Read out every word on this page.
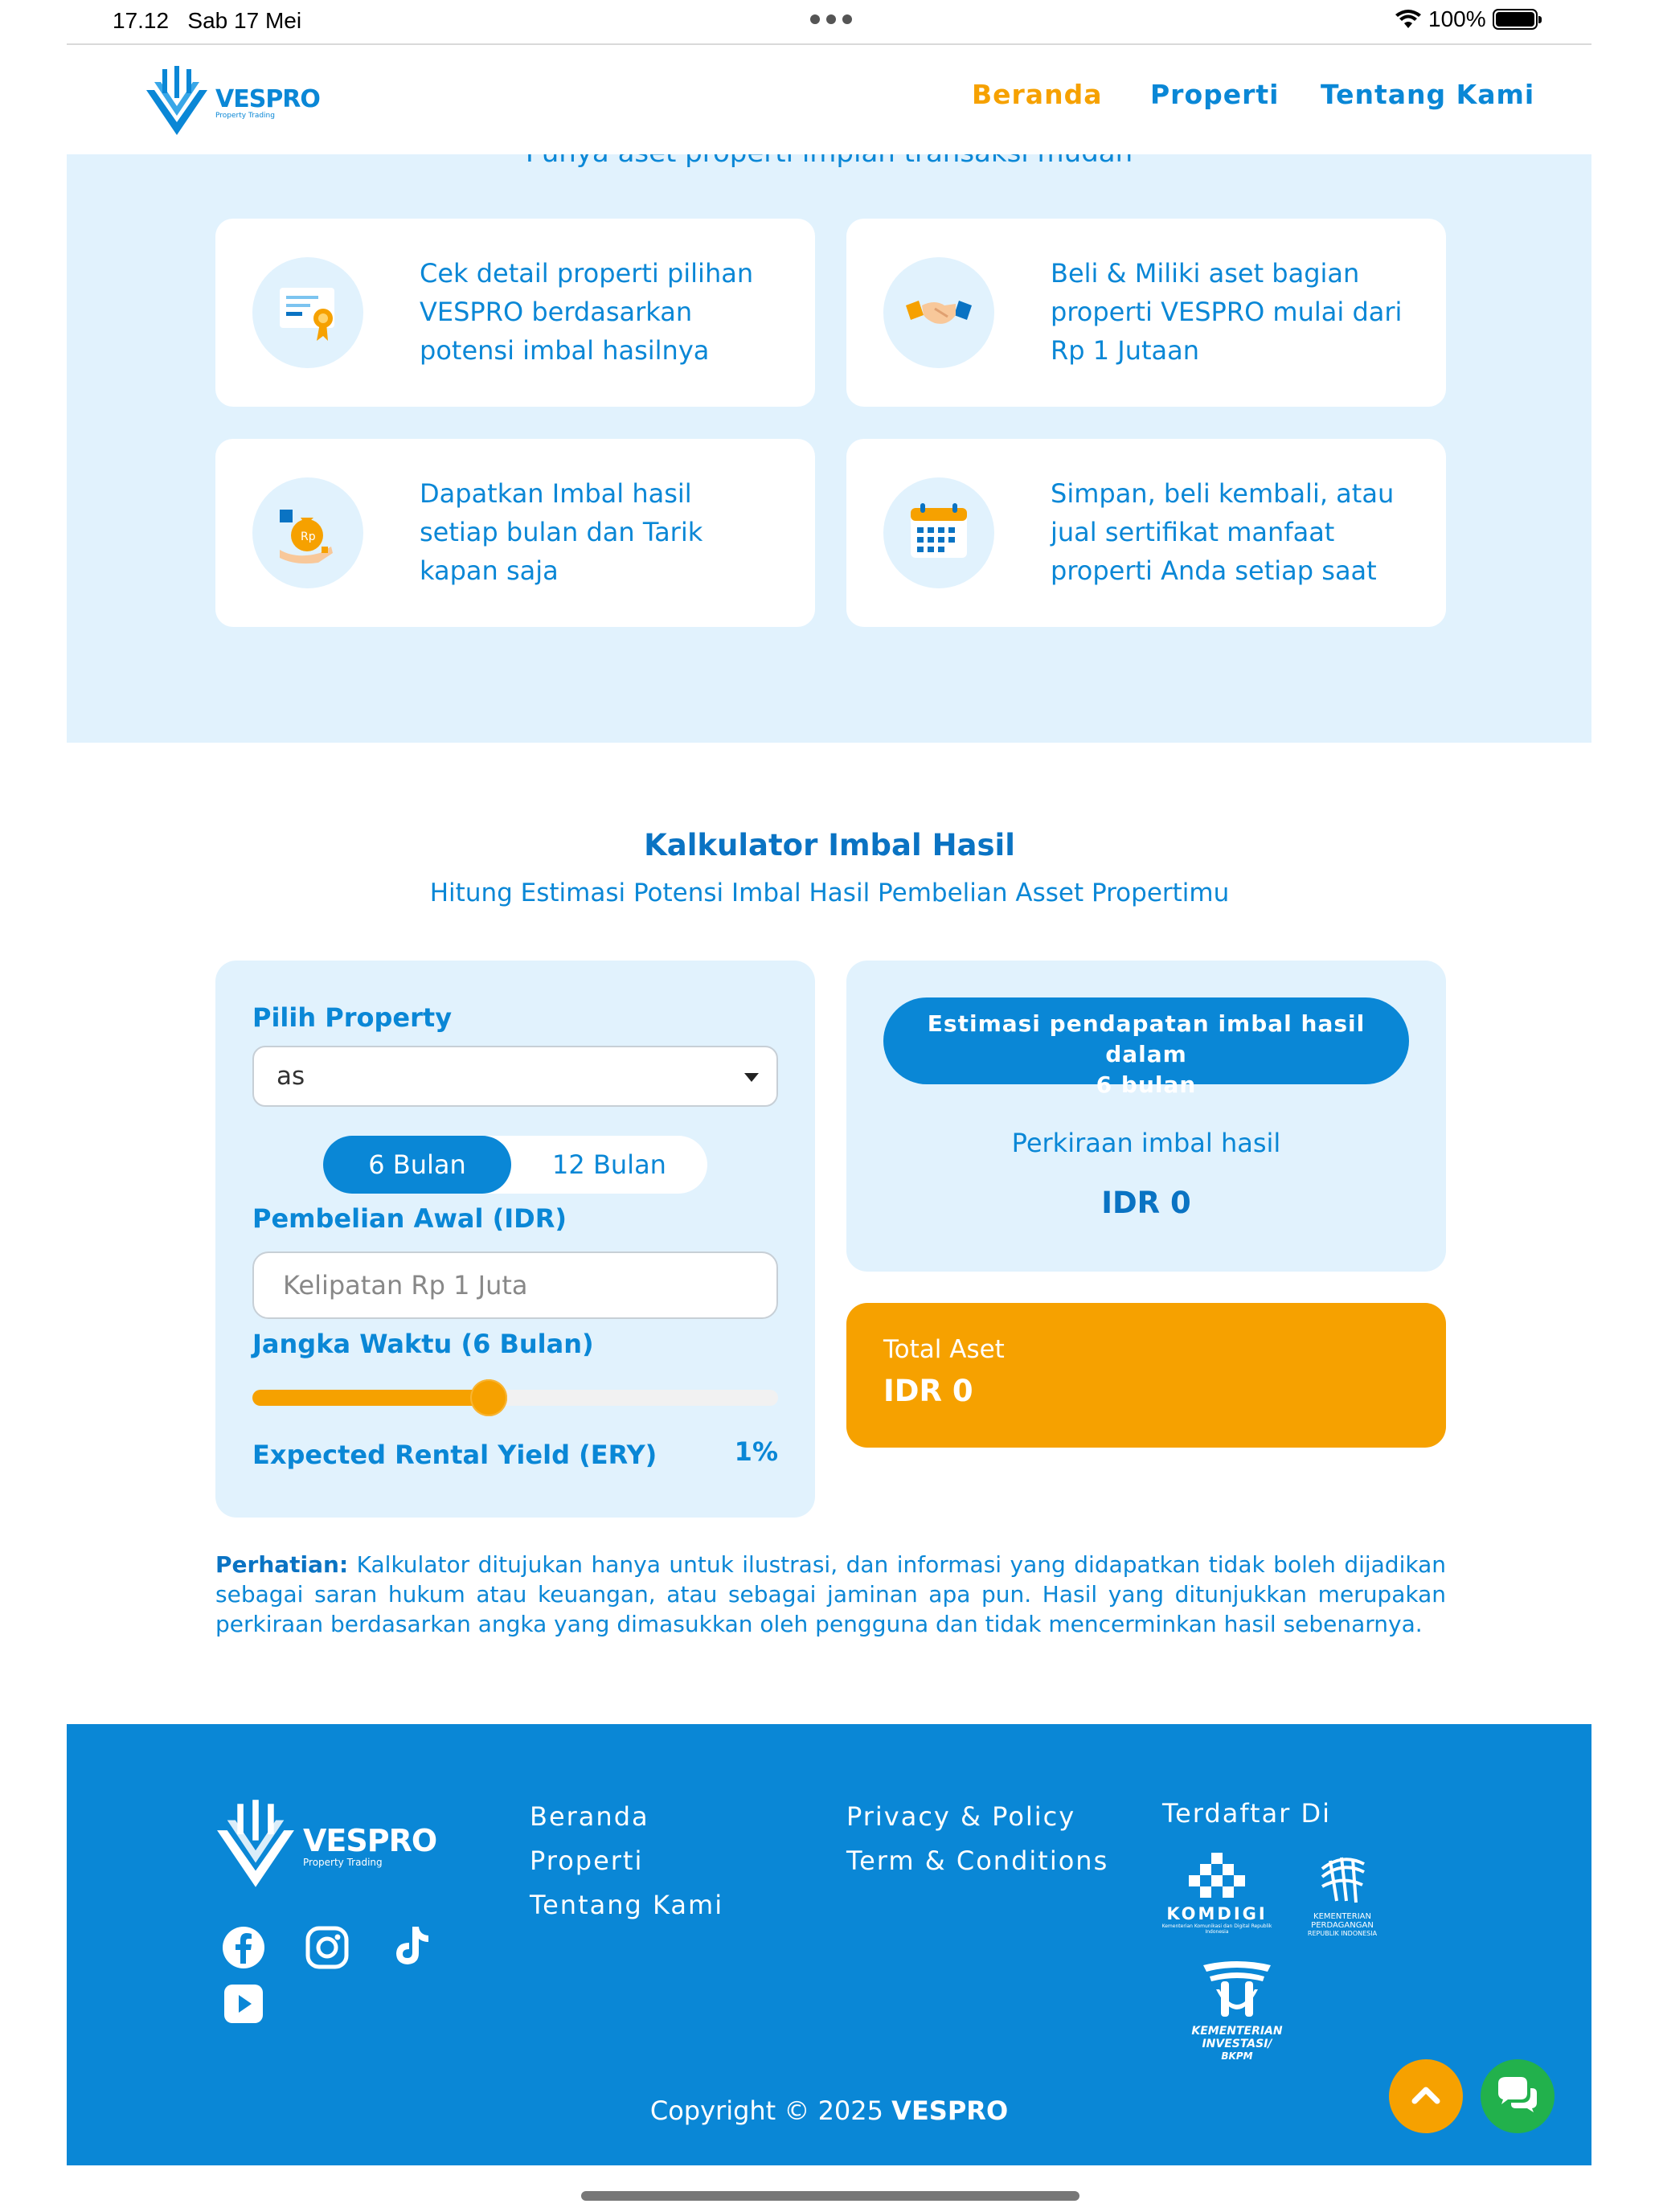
17.12 Sab 17 Mei	100%
Cek detail properti pilihan VESPRO berdasarkan potensi imbal hasilnya
Beli & Miliki aset bagian properti VESPRO mulai dari Rp 1 Jutaan
Rp
Dapatkan Imbal hasil setiap bulan dan Tarik kapan saja
Simpan, beli kembali, atau jual sertifikat manfaat properti Anda setiap saat
VESPRO
Property Trading
Beranda Properti Tentang Kami
Kalkulator Imbal Hasil
Hitung Estimasi Potensi Imbal Hasil Pembelian Asset Propertimu
Pilih Property
as
6 Bulan	12 Bulan
Pembelian Awal (IDR)
Kelipatan Rp 1 Juta
Jangka Waktu (6 Bulan)
Expected Rental Yield (ERY)	1%
Estimasi pendapatan imbal hasil dalam
6 bulan
Perkiraan imbal hasil
IDR 0
Total Aset
IDR 0
Perhatian: Kalkulator ditujukan hanya untuk ilustrasi, dan informasi yang didapatkan tidak boleh dijadikan sebagai saran hukum atau keuangan, atau sebagai jaminan apa pun. Hasil yang ditunjukkan merupakan perkiraan berdasarkan angka yang dimasukkan oleh pengguna dan tidak mencerminkan hasil sebenarnya.
VESPRO
Property Trading
Beranda
Properti
Tentang Kami
Privacy & Policy
Term & Conditions
Terdaftar Di
KOMDIGI
Kementerian Komunikasi dan Digital Republik Indonesia
KEMENTERIAN PERDAGANGAN
REPUBLIK INDONESIA
KEMENTERIAN INVESTASI/
BKPM
Copyright © 2025 VESPRO
